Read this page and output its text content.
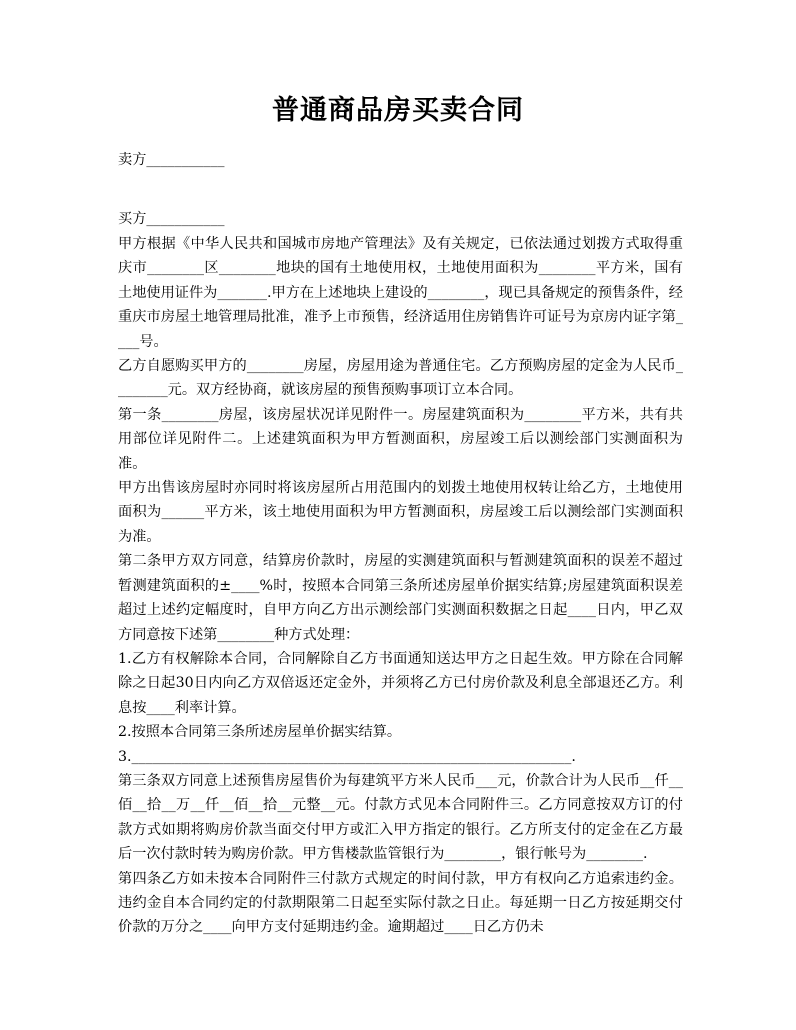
普通商品房买卖合同
卖方___________
买方___________

甲方根据《中华人民共和国城市房地产管理法》及有关规定，已依法通过划拨方式取得重庆市________区________地块的国有土地使用权，土地使用面积为________平方米，国有土地使用证件为_______.甲方在上述地块上建设的________，现已具备规定的预售条件，经重庆市房屋土地管理局批准，准予上市预售，经济适用住房销售许可证号为京房内证字第____号。

乙方自愿购买甲方的________房屋，房屋用途为普通住宅。乙方预购房屋的定金为人民币________元。双方经协商，就该房屋的预售预购事项订立本合同。

第一条________房屋，该房屋状况详见附件一。房屋建筑面积为________平方米，共有共用部位详见附件二。上述建筑面积为甲方暂测面积，房屋竣工后以测绘部门实测面积为准。

甲方出售该房屋时亦同时将该房屋所占用范围内的划拨土地使用权转让给乙方，土地使用面积为______平方米，该土地使用面积为甲方暂测面积，房屋竣工后以测绘部门实测面积为准。

第二条甲方双方同意，结算房价款时，房屋的实测建筑面积与暂测建筑面积的误差不超过暂测建筑面积的±____%时，按照本合同第三条所述房屋单价据实结算;房屋建筑面积误差超过上述约定幅度时，自甲方向乙方出示测绘部门实测面积数据之日起____日内，甲乙双方同意按下述第________种方式处理：

1.乙方有权解除本合同，合同解除自乙方书面通知送达甲方之日起生效。甲方除在合同解除之日起30日内向乙方双倍返还定金外，并须将乙方已付房价款及利息全部退还乙方。利息按____利率计算。

2.按照本合同第三条所述房屋单价据实结算。

3.______________________________________________________________.

第三条双方同意上述预售房屋售价为每建筑平方米人民币___元，价款合计为人民币__仟__佰__拾__万__仟__佰__拾__元整__元。付款方式见本合同附件三。乙方同意按双方订的付款方式如期将购房价款当面交付甲方或汇入甲方指定的银行。乙方所支付的定金在乙方最后一次付款时转为购房价款。甲方售楼款监管银行为________，银行帐号为________.

第四条乙方如未按本合同附件三付款方式规定的时间付款，甲方有权向乙方追索违约金。违约金自本合同约定的付款期限第二日起至实际付款之日止。每延期一日乙方按延期交付价款的万分之____向甲方支付延期违约金。逾期超过____日乙方仍未
